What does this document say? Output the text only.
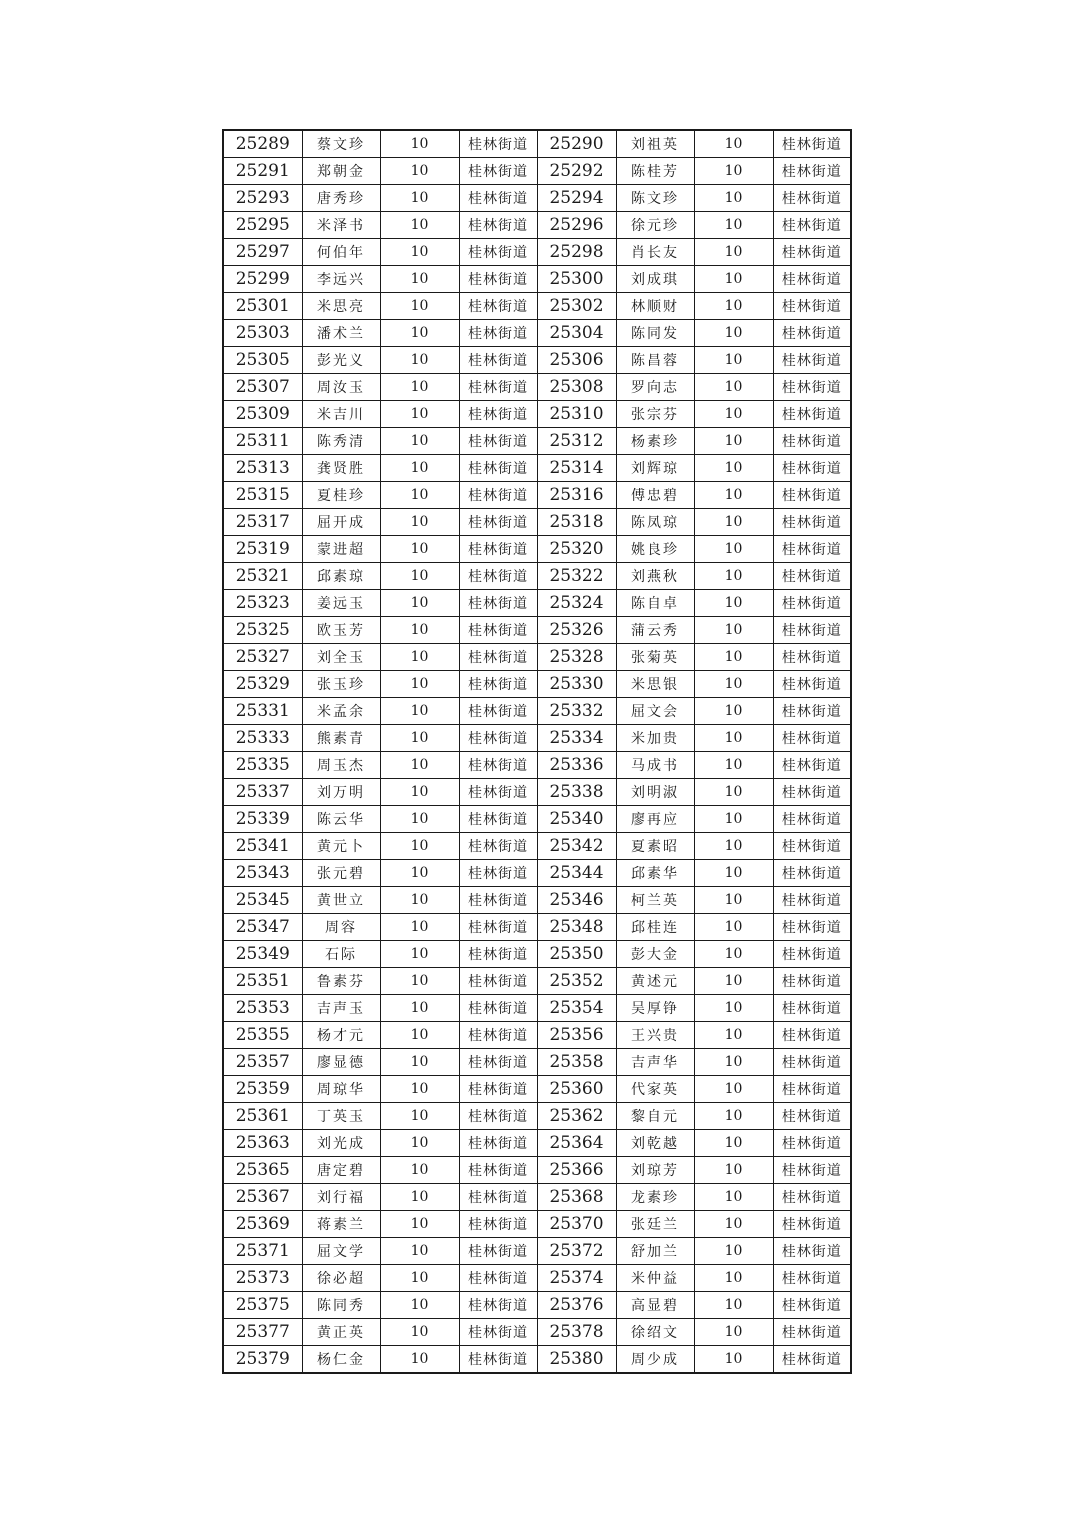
25289	蔡文珍	10	桂林街道	25290	刘祖英	10	桂林街道
25291	郑朝金	10	桂林街道	25292	陈桂芳	10	桂林街道
25293	唐秀珍	10	桂林街道	25294	陈文珍	10	桂林街道
25295	米泽书	10	桂林街道	25296	徐元珍	10	桂林街道
25297	何伯年	10	桂林街道	25298	肖长友	10	桂林街道
25299	李远兴	10	桂林街道	25300	刘成琪	10	桂林街道
25301	米思亮	10	桂林街道	25302	林顺财	10	桂林街道
25303	潘术兰	10	桂林街道	25304	陈同发	10	桂林街道
25305	彭光义	10	桂林街道	25306	陈昌蓉	10	桂林街道
25307	周汝玉	10	桂林街道	25308	罗向志	10	桂林街道
25309	米吉川	10	桂林街道	25310	张宗芬	10	桂林街道
25311	陈秀清	10	桂林街道	25312	杨素珍	10	桂林街道
25313	龚贤胜	10	桂林街道	25314	刘辉琼	10	桂林街道
25315	夏桂珍	10	桂林街道	25316	傅忠碧	10	桂林街道
25317	屈开成	10	桂林街道	25318	陈凤琼	10	桂林街道
25319	蒙进超	10	桂林街道	25320	姚良珍	10	桂林街道
25321	邱素琼	10	桂林街道	25322	刘燕秋	10	桂林街道
25323	姜远玉	10	桂林街道	25324	陈自卓	10	桂林街道
25325	欧玉芳	10	桂林街道	25326	蒲云秀	10	桂林街道
25327	刘全玉	10	桂林街道	25328	张菊英	10	桂林街道
25329	张玉珍	10	桂林街道	25330	米思银	10	桂林街道
25331	米孟余	10	桂林街道	25332	屈文会	10	桂林街道
25333	熊素青	10	桂林街道	25334	米加贵	10	桂林街道
25335	周玉杰	10	桂林街道	25336	马成书	10	桂林街道
25337	刘万明	10	桂林街道	25338	刘明淑	10	桂林街道
25339	陈云华	10	桂林街道	25340	廖再应	10	桂林街道
25341	黄元卜	10	桂林街道	25342	夏素昭	10	桂林街道
25343	张元碧	10	桂林街道	25344	邱素华	10	桂林街道
25345	黄世立	10	桂林街道	25346	柯兰英	10	桂林街道
25347	周容	10	桂林街道	25348	邱桂连	10	桂林街道
25349	石际	10	桂林街道	25350	彭大金	10	桂林街道
25351	鲁素芬	10	桂林街道	25352	黄述元	10	桂林街道
25353	吉声玉	10	桂林街道	25354	吴厚铮	10	桂林街道
25355	杨才元	10	桂林街道	25356	王兴贵	10	桂林街道
25357	廖显德	10	桂林街道	25358	吉声华	10	桂林街道
25359	周琼华	10	桂林街道	25360	代家英	10	桂林街道
25361	丁英玉	10	桂林街道	25362	黎自元	10	桂林街道
25363	刘光成	10	桂林街道	25364	刘乾越	10	桂林街道
25365	唐定碧	10	桂林街道	25366	刘琼芳	10	桂林街道
25367	刘行福	10	桂林街道	25368	龙素珍	10	桂林街道
25369	蒋素兰	10	桂林街道	25370	张廷兰	10	桂林街道
25371	屈文学	10	桂林街道	25372	舒加兰	10	桂林街道
25373	徐必超	10	桂林街道	25374	米仲益	10	桂林街道
25375	陈同秀	10	桂林街道	25376	高显碧	10	桂林街道
25377	黄正英	10	桂林街道	25378	徐绍文	10	桂林街道
25379	杨仁金	10	桂林街道	25380	周少成	10	桂林街道
